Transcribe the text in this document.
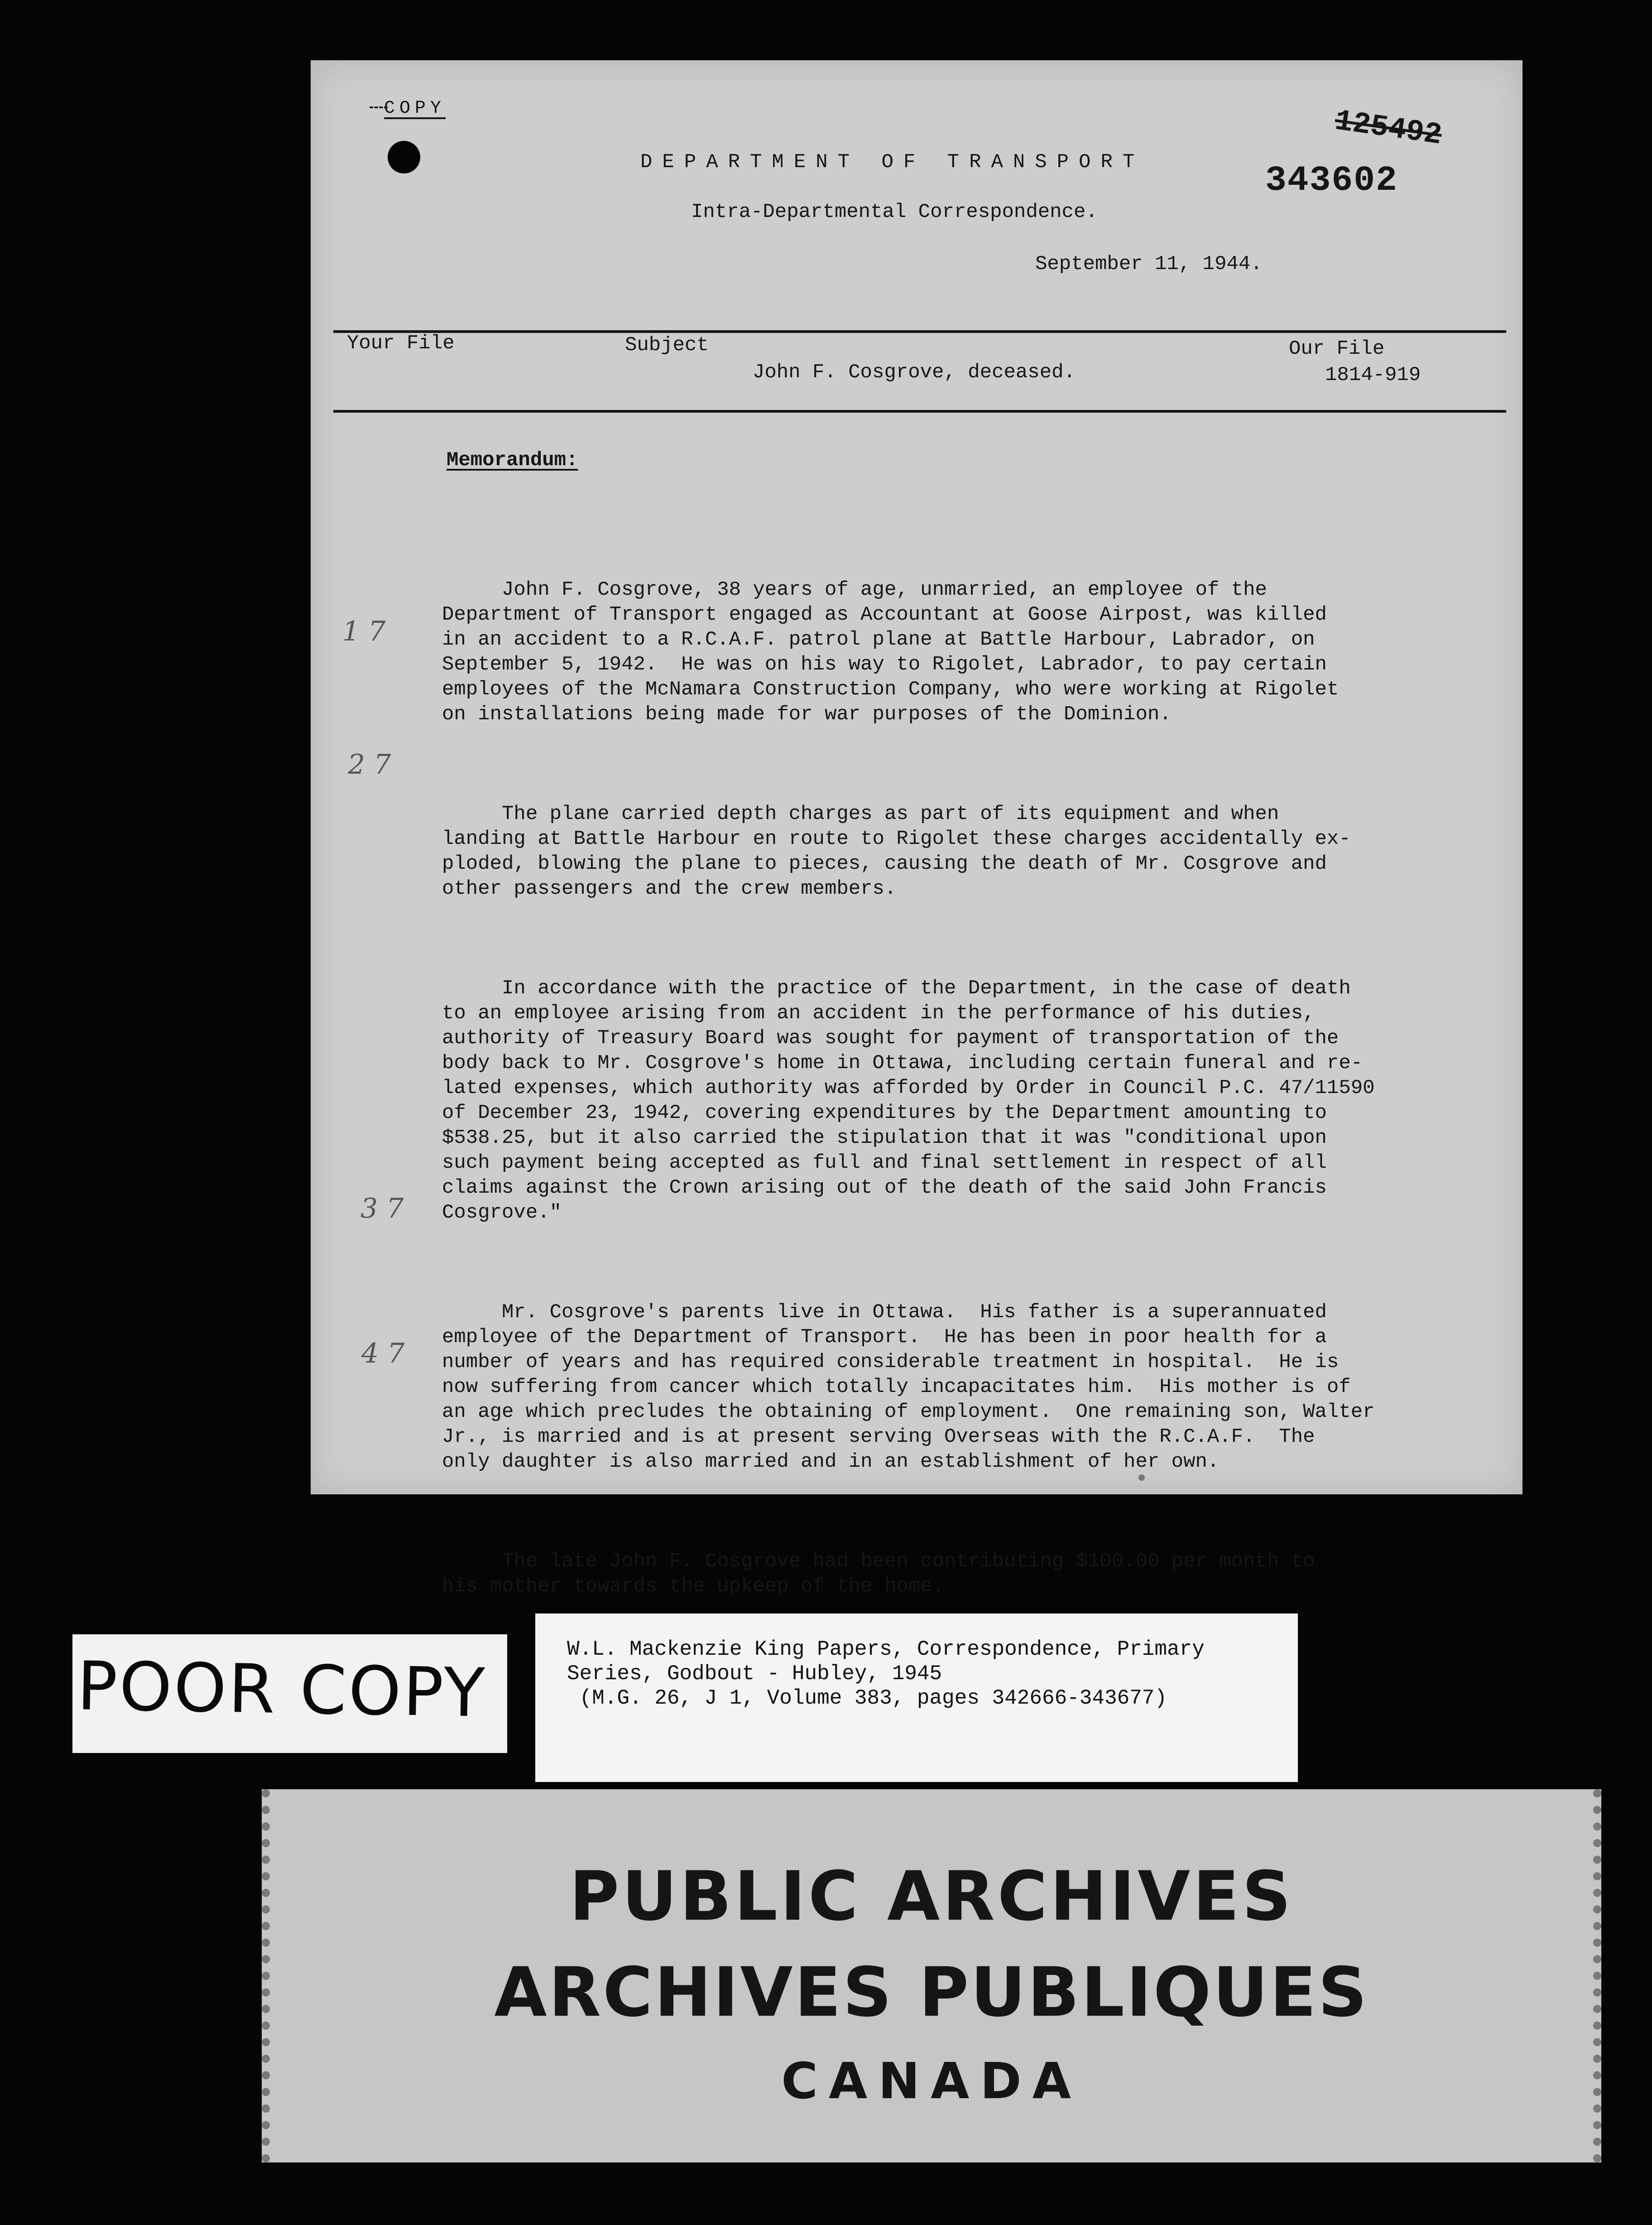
COPY	125492
343602
DEPARTMENT OF TRANSPORT
Intra-Departmental Correspondence.
September 11, 1944.
Your File	Subject
John F. Cosgrove, deceased.
Our File
1814-919
Memorandum:

John F. Cosgrove, 38 years of age, unmarried, an employee of the
Department of Transport engaged as Accountant at Goose Airpost, was killed
in an accident to a R.C.A.F. patrol plane at Battle Harbour, Labrador, on
September 5, 1942.  He was on his way to Rigolet, Labrador, to pay certain
employees of the McNamara Construction Company, who were working at Rigolet
on installations being made for war purposes of the Dominion.

The plane carried depth charges as part of its equipment and when
landing at Battle Harbour en route to Rigolet these charges accidentally ex-
ploded, blowing the plane to pieces, causing the death of Mr. Cosgrove and
other passengers and the crew members.

In accordance with the practice of the Department, in the case of death
to an employee arising from an accident in the performance of his duties,
authority of Treasury Board was sought for payment of transportation of the
body back to Mr. Cosgrove's home in Ottawa, including certain funeral and re-
lated expenses, which authority was afforded by Order in Council P.C. 47/11590
of December 23, 1942, covering expenditures by the Department amounting to
$538.25, but it also carried the stipulation that it was "conditional upon
such payment being accepted as full and final settlement in respect of all
claims against the Crown arising out of the death of the said John Francis
Cosgrove."

Mr. Cosgrove's parents live in Ottawa.  His father is a superannuated
employee of the Department of Transport.  He has been in poor health for a
number of years and has required considerable treatment in hospital.  He is
now suffering from cancer which totally incapacitates him.  His mother is of
an age which precludes the obtaining of employment.  One remaining son, Walter
Jr., is married and is at present serving Overseas with the R.C.A.F.  The
only daughter is also married and in an establishment of her own.

The late John F. Cosgrove had been contributing $100.00 per month to
his mother towards the upkeep of the home.

1 7
2 7
3 7
4 7
POOR COPY	W.L. Mackenzie King Papers, Correspondence, Primary
Series, Godbout - Hubley, 1945
(M.G. 26, J 1, Volume 383, pages 342666-343677)
PUBLIC ARCHIVES
ARCHIVES PUBLIQUES
CANADA
